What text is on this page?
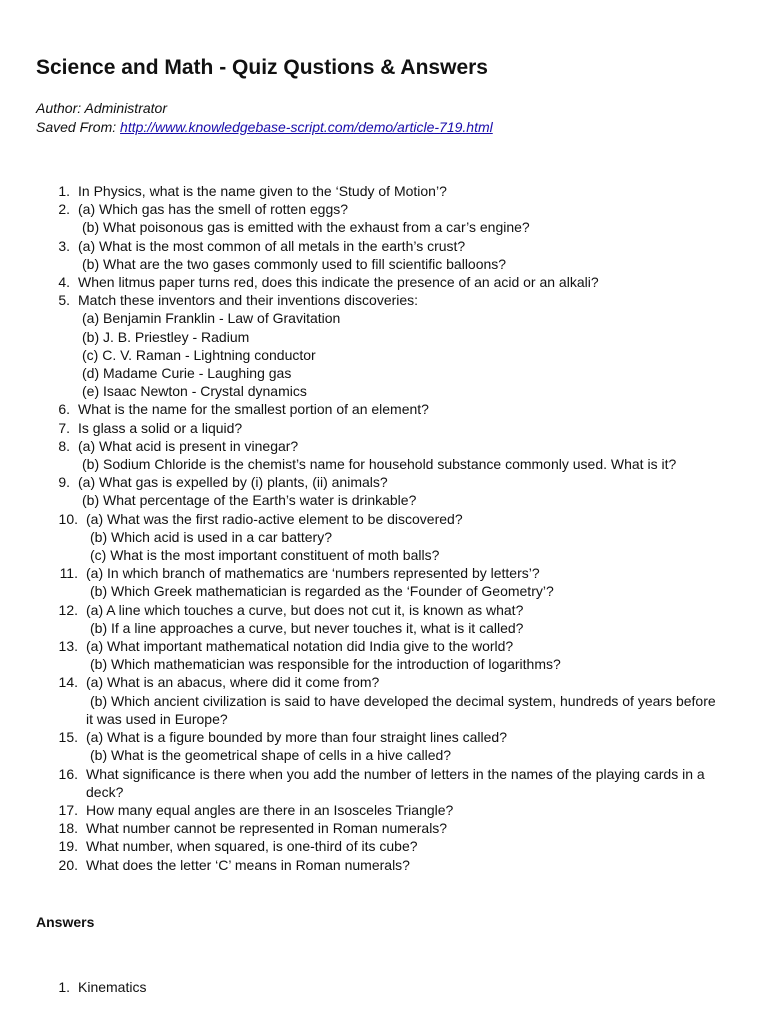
Science and Math - Quiz Qustions & Answers
Author: Administrator
Saved From: http://www.knowledgebase-script.com/demo/article-719.html
1. In Physics, what is the name given to the ‘Study of Motion’?
2. (a) Which gas has the smell of rotten eggs?
(b) What poisonous gas is emitted with the exhaust from a car’s engine?
3. (a) What is the most common of all metals in the earth’s crust?
(b) What are the two gases commonly used to fill scientific balloons?
4. When litmus paper turns red, does this indicate the presence of an acid or an alkali?
5. Match these inventors and their inventions discoveries:
(a) Benjamin Franklin - Law of Gravitation
(b) J. B. Priestley - Radium
(c) C. V. Raman - Lightning conductor
(d) Madame Curie - Laughing gas
(e) Isaac Newton - Crystal dynamics
6. What is the name for the smallest portion of an element?
7. Is glass a solid or a liquid?
8. (a) What acid is present in vinegar?
(b) Sodium Chloride is the chemist’s name for household substance commonly used. What is it?
9. (a) What gas is expelled by (i) plants, (ii) animals?
(b) What percentage of the Earth’s water is drinkable?
10. (a) What was the first radio-active element to be discovered?
(b) Which acid is used in a car battery?
(c) What is the most important constituent of moth balls?
11. (a) In which branch of mathematics are ‘numbers represented by letters’?
(b) Which Greek mathematician is regarded as the ‘Founder of Geometry’?
12. (a) A line which touches a curve, but does not cut it, is known as what?
(b) If a line approaches a curve, but never touches it, what is it called?
13. (a) What important mathematical notation did India give to the world?
(b) Which mathematician was responsible for the introduction of logarithms?
14. (a) What is an abacus, where did it come from?
(b) Which ancient civilization is said to have developed the decimal system, hundreds of years before
it was used in Europe?
15. (a) What is a figure bounded by more than four straight lines called?
(b) What is the geometrical shape of cells in a hive called?
16. What significance is there when you add the number of letters in the names of the playing cards in a
deck?
17. How many equal angles are there in an Isosceles Triangle?
18. What number cannot be represented in Roman numerals?
19. What number, when squared, is one-third of its cube?
20. What does the letter ‘C’ means in Roman numerals?
Answers
1. Kinematics
